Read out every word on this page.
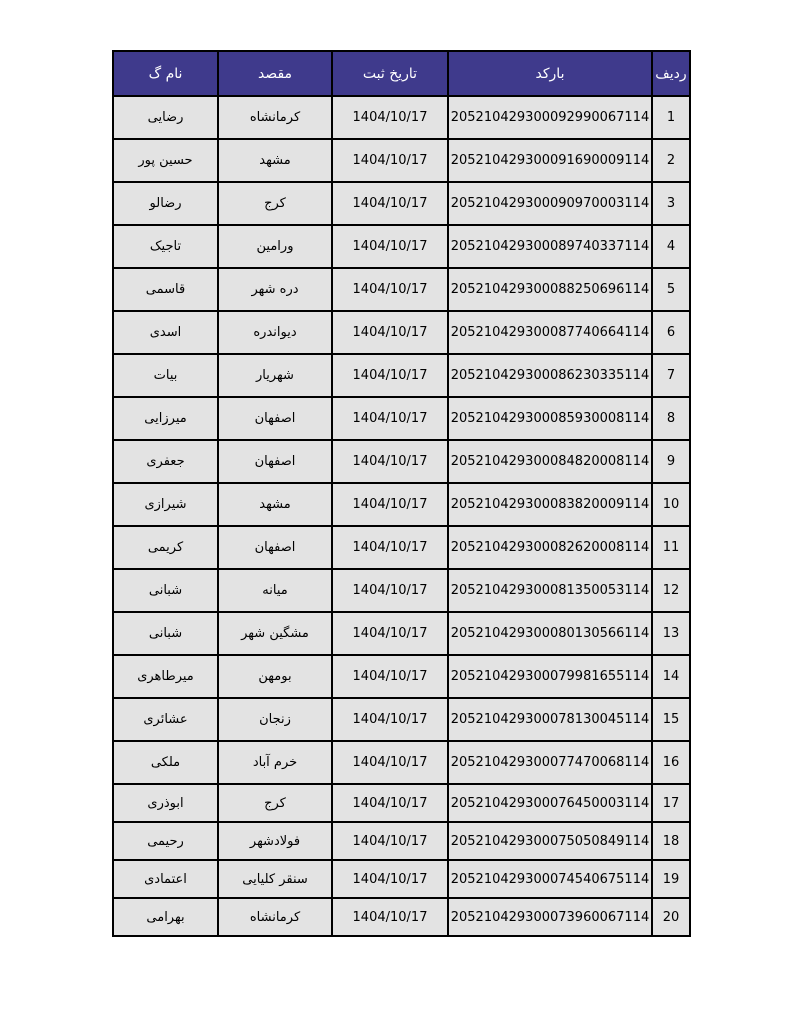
نام گ	مقصد	تاریخ ثبت	بارکد	ردیف
رضایی	کرمانشاه	1404/10/17	205210429300092990067114	1
حسین پور	مشهد	1404/10/17	205210429300091690009114	2
رضالو	کرج	1404/10/17	205210429300090970003114	3
تاجیک	ورامین	1404/10/17	205210429300089740337114	4
قاسمی	دره شهر	1404/10/17	205210429300088250696114	5
اسدی	دیواندره	1404/10/17	205210429300087740664114	6
بیات	شهریار	1404/10/17	205210429300086230335114	7
میرزایی	اصفهان	1404/10/17	205210429300085930008114	8
جعفری	اصفهان	1404/10/17	205210429300084820008114	9
شیرازی	مشهد	1404/10/17	205210429300083820009114	10
کریمی	اصفهان	1404/10/17	205210429300082620008114	11
شبانی	میانه	1404/10/17	205210429300081350053114	12
شبانی	مشگین شهر	1404/10/17	205210429300080130566114	13
میرطاهری	بومهن	1404/10/17	205210429300079981655114	14
عشائری	زنجان	1404/10/17	205210429300078130045114	15
ملکی	خرم آباد	1404/10/17	205210429300077470068114	16
ابوذری	کرج	1404/10/17	205210429300076450003114	17
رحیمی	فولادشهر	1404/10/17	205210429300075050849114	18
اعتمادی	سنقر کلیایی	1404/10/17	205210429300074540675114	19
بهرامی	کرمانشاه	1404/10/17	205210429300073960067114	20
